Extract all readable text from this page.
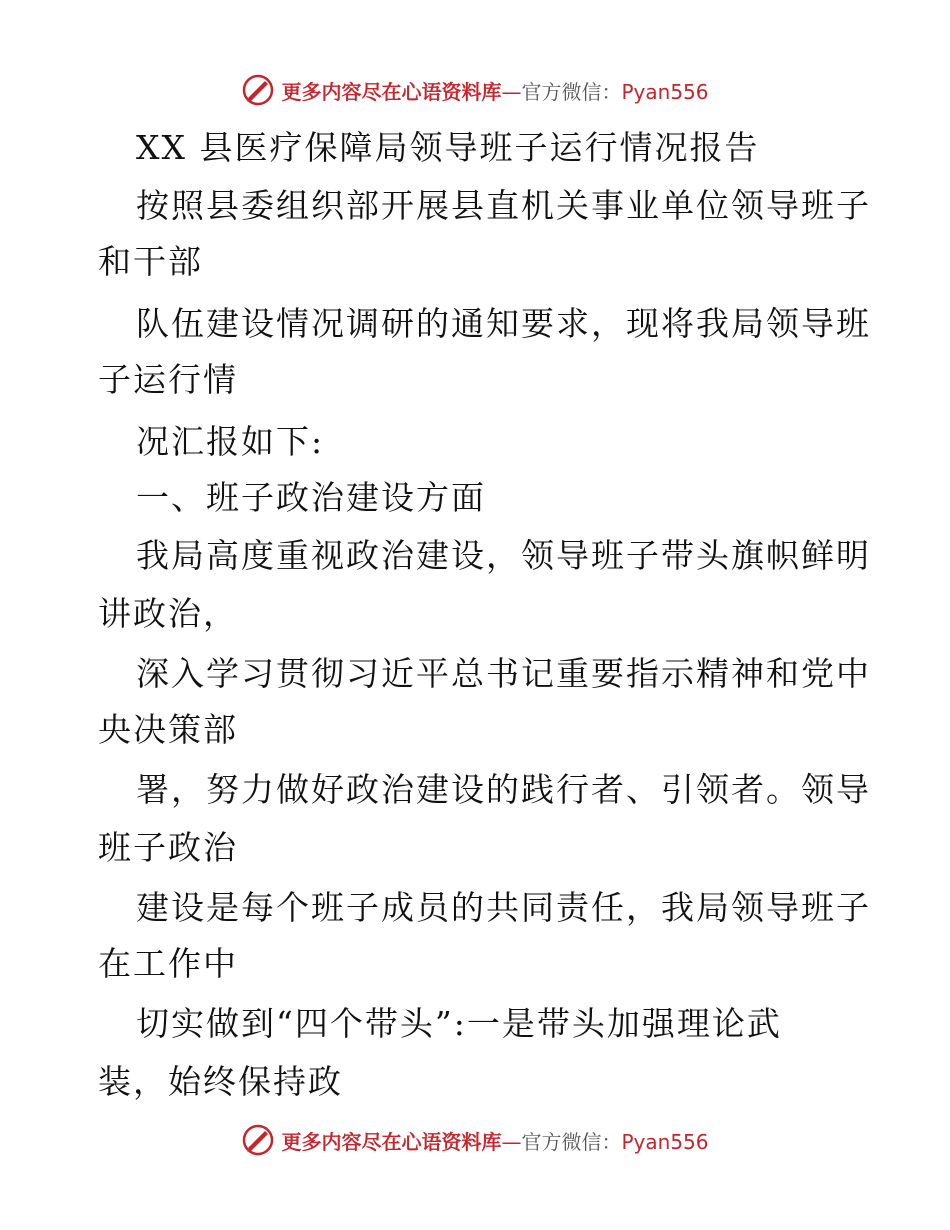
更多内容尽在心语资料库—官方微信：Pyan556
XX 县医疗保障局领导班子运行情况报告
按照县委组织部开展县直机关事业单位领导班子
和干部
队伍建设情况调研的通知要求，现将我局领导班
子运行情
况汇报如下:
一、班子政治建设方面
我局高度重视政治建设，领导班子带头旗帜鲜明
讲政治，
深入学习贯彻习近平总书记重要指示精神和党中
央决策部
署，努力做好政治建设的践行者、引领者。领导
班子政治
建设是每个班子成员的共同责任，我局领导班子
在工作中
切实做到“四个带头”:一是带头加强理论武
装，始终保持政
更多内容尽在心语资料库—官方微信：Pyan556
